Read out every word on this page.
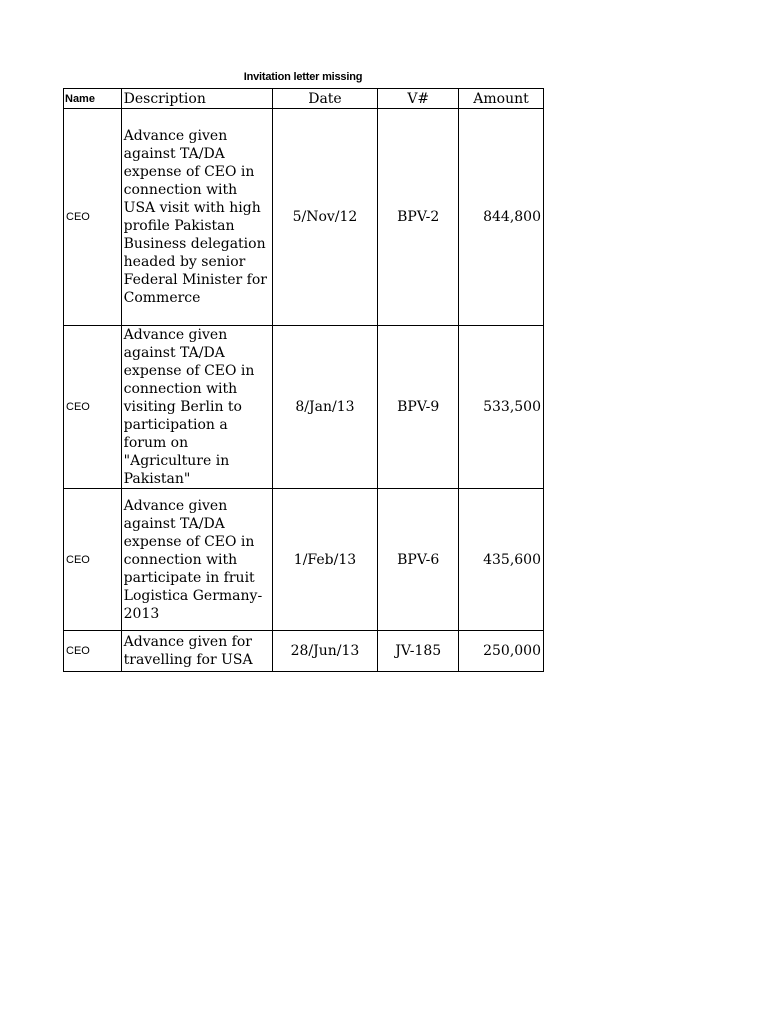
Invitation letter missing
Name	Description	Date	V#	Amount
CEO	Advance given against TA/DA expense of CEO in connection with USA visit with high profile Pakistan Business delegation headed by senior Federal Minister for Commerce	5/Nov/12	BPV-2	844,800
CEO	Advance given against TA/DA expense of CEO in connection with visiting Berlin to participation a forum on "Agriculture in Pakistan"	8/Jan/13	BPV-9	533,500
CEO	Advance given against TA/DA expense of CEO in connection with participate in fruit Logistica Germany-2013	1/Feb/13	BPV-6	435,600
CEO	Advance given for travelling for USA	28/Jun/13	JV-185	250,000
